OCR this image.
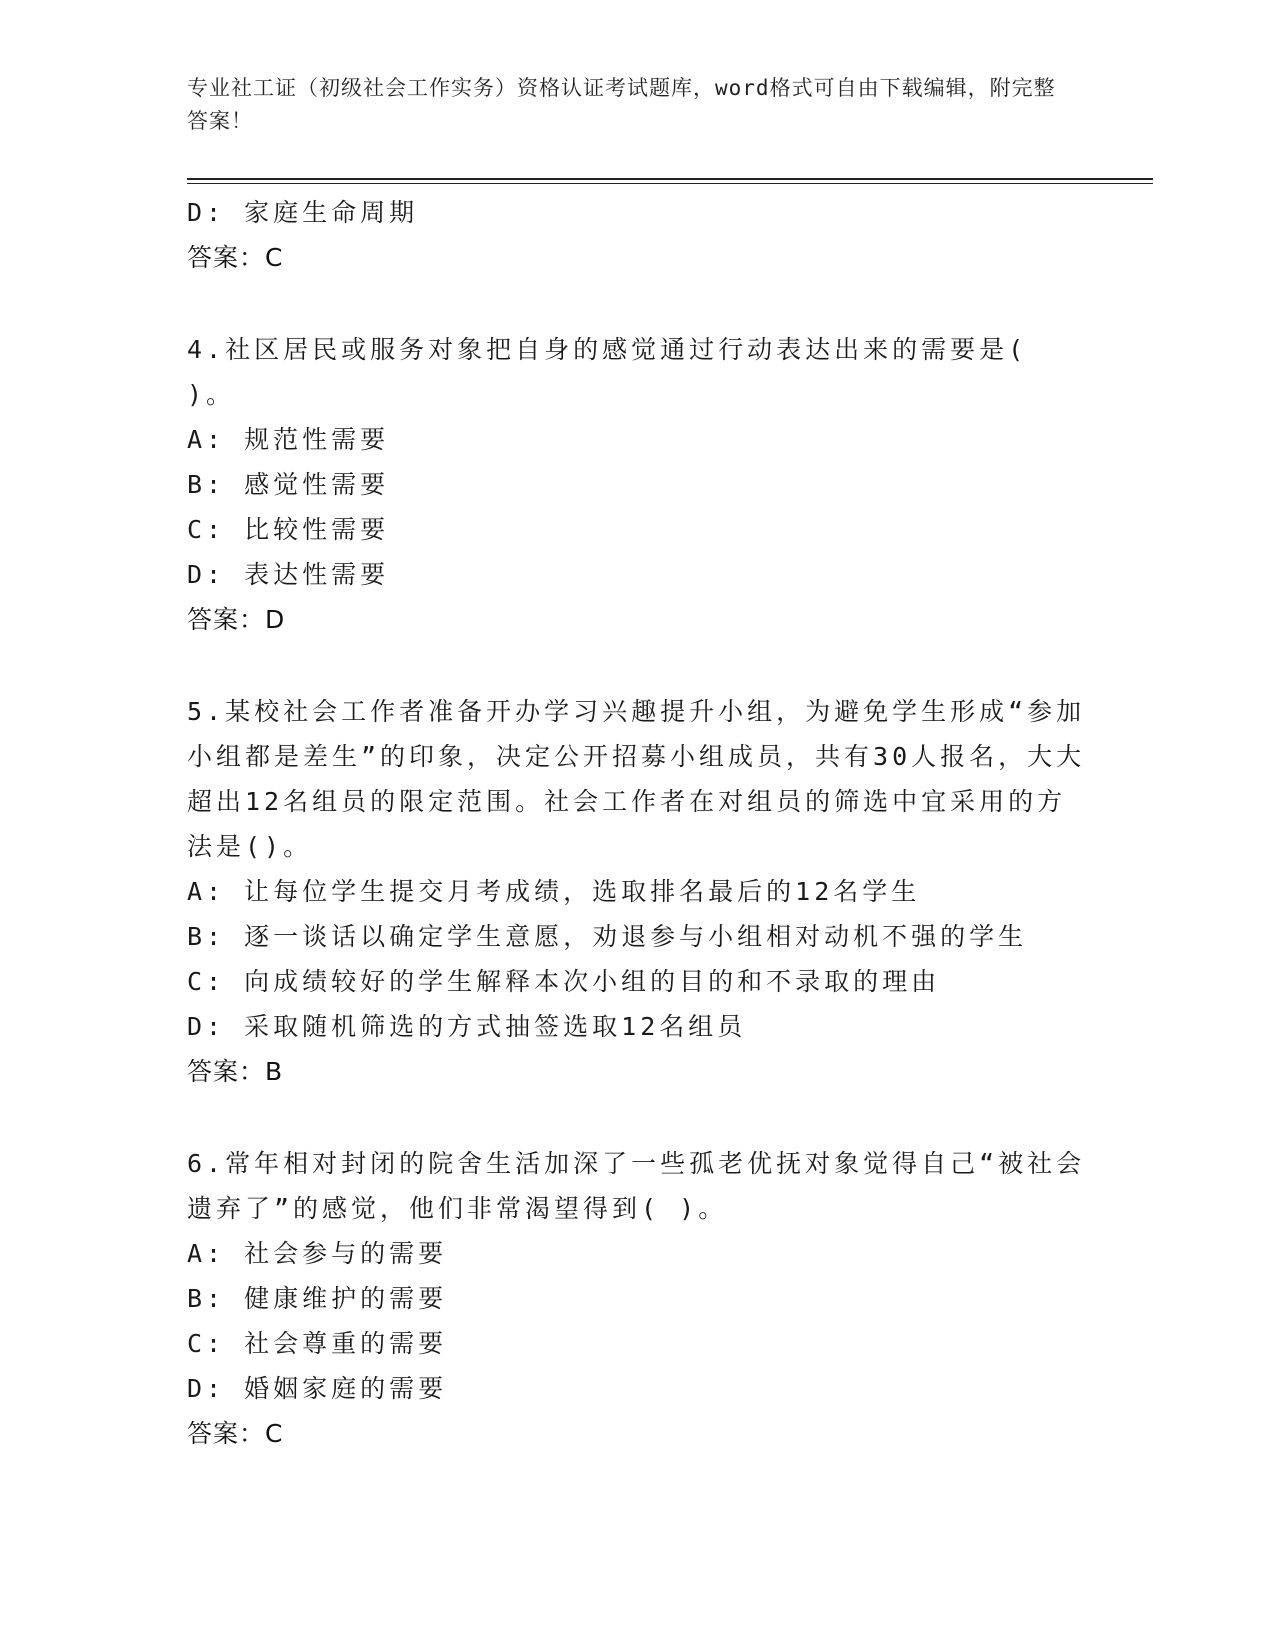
专业社工证（初级社会工作实务）资格认证考试题库，word格式可自由下载编辑，附完整答案！
D: 家庭生命周期
答案：C
4.社区居民或服务对象把自身的感觉通过行动表达出来的需要是( )。
A: 规范性需要
B: 感觉性需要
C: 比较性需要
D: 表达性需要
答案：D
5.某校社会工作者准备开办学习兴趣提升小组，为避免学生形成“参加小组都是差生”的印象，决定公开招募小组成员，共有30人报名，大大超出12名组员的限定范围。社会工作者在对组员的筛选中宜采用的方法是()。
A: 让每位学生提交月考成绩，选取排名最后的12名学生
B: 逐一谈话以确定学生意愿，劝退参与小组相对动机不强的学生
C: 向成绩较好的学生解释本次小组的目的和不录取的理由
D: 采取随机筛选的方式抽签选取12名组员
答案：B
6.常年相对封闭的院舍生活加深了一些孤老优抚对象觉得自己“被社会遗弃了”的感觉，他们非常渴望得到( )。
A: 社会参与的需要
B: 健康维护的需要
C: 社会尊重的需要
D: 婚姻家庭的需要
答案：C
